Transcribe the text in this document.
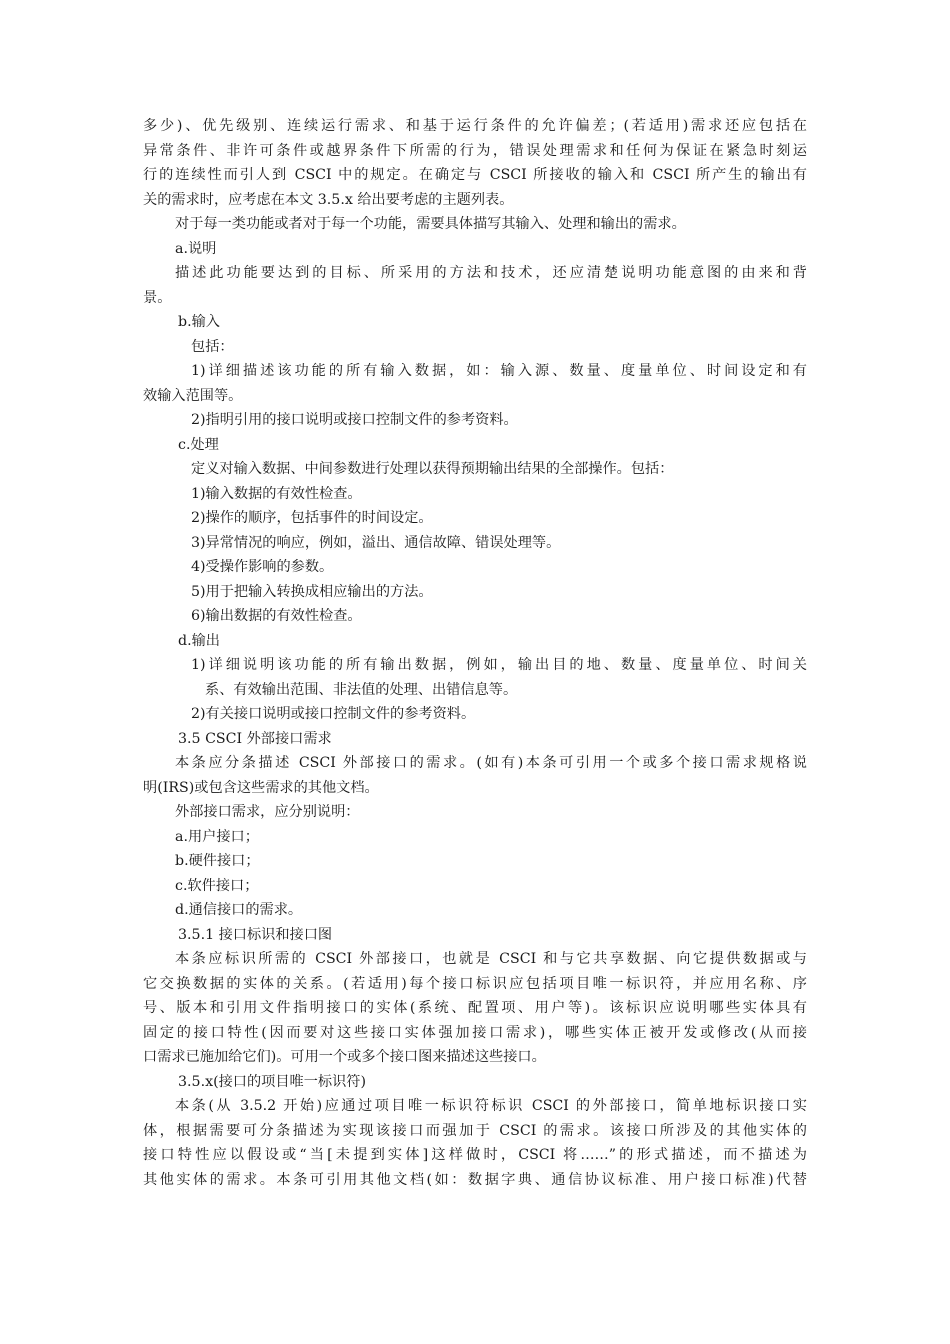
多少)、优先级别、连续运行需求、和基于运行条件的允许偏差；(若适用)需求还应包括在
异常条件、非许可条件或越界条件下所需的行为，错误处理需求和任何为保证在紧急时刻运
行的连续性而引人到 CSCI 中的规定。在确定与 CSCI 所接收的输入和 CSCI 所产生的输出有
关的需求时，应考虑在本文 3.5.x 给出要考虑的主题列表。
对于每一类功能或者对于每一个功能，需要具体描写其输入、处理和输出的需求。
a.说明
描述此功能要达到的目标、所采用的方法和技术，还应清楚说明功能意图的由来和背
景。
b.输入
包括：
1)详细描述该功能的所有输入数据，如：输入源、数量、度量单位、时间设定和有
效输入范围等。
2)指明引用的接口说明或接口控制文件的参考资料。
c.处理
定义对输入数据、中间参数进行处理以获得预期输出结果的全部操作。包括：
1)输入数据的有效性检查。
2)操作的顺序，包括事件的时间设定。
3)异常情况的响应，例如，溢出、通信故障、错误处理等。
4)受操作影响的参数。
5)用于把输入转换成相应输出的方法。
6)输出数据的有效性检查。
d.输出
1)详细说明该功能的所有输出数据，例如，输出目的地、数量、度量单位、时间关
系、有效输出范围、非法值的处理、出错信息等。
2)有关接口说明或接口控制文件的参考资料。
3.5 CSCI 外部接口需求
本条应分条描述 CSCI 外部接口的需求。(如有)本条可引用一个或多个接口需求规格说
明(IRS)或包含这些需求的其他文档。
外部接口需求，应分别说明：
a.用户接口；
b.硬件接口；
c.软件接口；
d.通信接口的需求。
3.5.1 接口标识和接口图
本条应标识所需的 CSCI 外部接口，也就是 CSCI 和与它共享数据、向它提供数据或与
它交换数据的实体的关系。(若适用)每个接口标识应包括项目唯一标识符，并应用名称、序
号、版本和引用文件指明接口的实体(系统、配置项、用户等)。该标识应说明哪些实体具有
固定的接口特性(因而要对这些接口实体强加接口需求)，哪些实体正被开发或修改(从而接
口需求已施加给它们)。可用一个或多个接口图来描述这些接口。
3.5.x(接口的项目唯一标识符)
本条(从 3.5.2 开始)应通过项目唯一标识符标识 CSCI 的外部接口，简单地标识接口实
体，根据需要可分条描述为实现该接口而强加于 CSCI 的需求。该接口所涉及的其他实体的
接口特性应以假设或“当[未提到实体]这样做时，CSCI 将……”的形式描述，而不描述为
其他实体的需求。本条可引用其他文档(如：数据字典、通信协议标准、用户接口标准)代替
